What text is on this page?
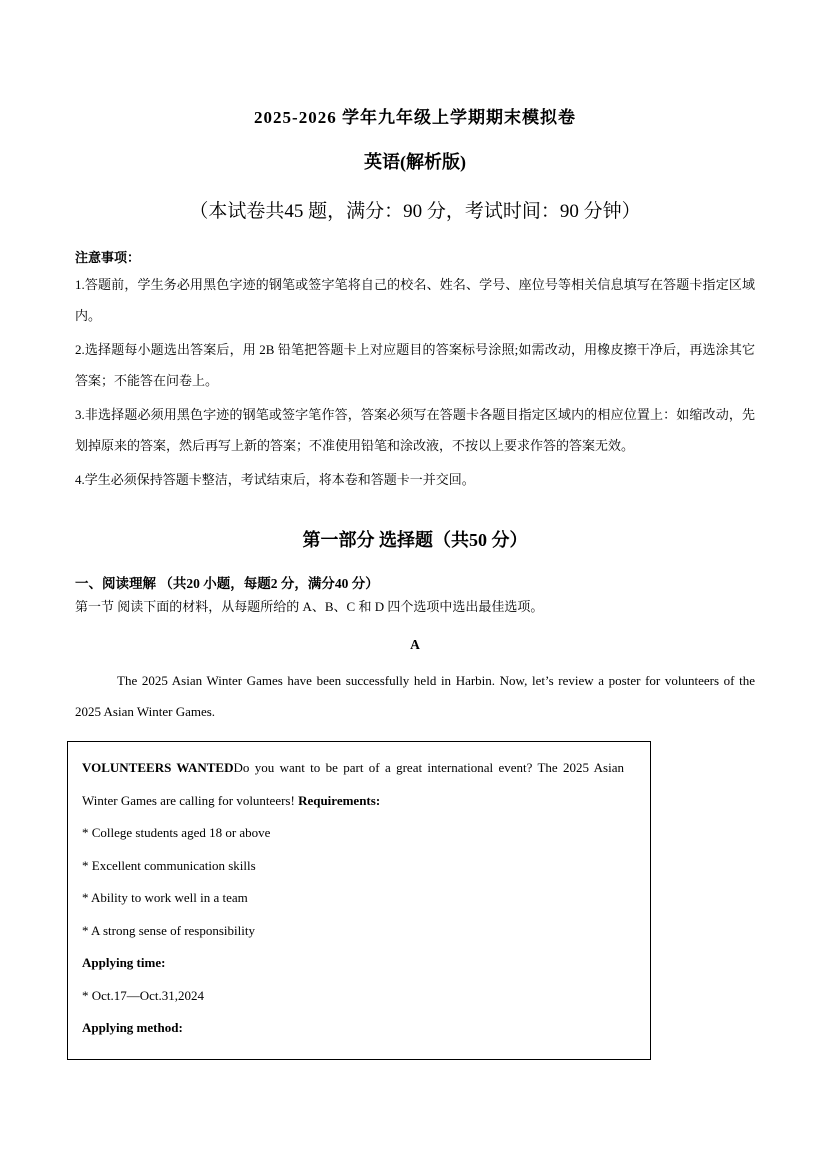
2025-2026 学年九年级上学期期末模拟卷
英语(解析版)

（本试卷共45 题，满分：90 分，考试时间：90 分钟）

注意事项：

1.答题前，学生务必用黑色字迹的钢笔或签字笔将自己的校名、姓名、学号、座位号等相关信息填写在答题卡指定区域内。

2.选择题每小题选出答案后，用 2B 铅笔把答题卡上对应题目的答案标号涂照;如需改动，用橡皮擦干净后，再选涂其它答案；不能答在问卷上。

3.非选择题必须用黑色字迹的钢笔或签字笔作答，答案必须写在答题卡各题目指定区域内的相应位置上：如缩改动，先划掉原来的答案，然后再写上新的答案；不准使用铅笔和涂改液，不按以上要求作答的答案无效。

4.学生必须保持答题卡整洁，考试结束后，将本卷和答题卡一并交回。

第一部分 选择题（共50 分）

一、阅读理解 （共20 小题，每题2 分，满分40 分）

第一节 阅读下面的材料，从每题所给的 A、B、C 和 D 四个选项中选出最佳选项。

A

The 2025 Asian Winter Games have been successfully held in Harbin. Now, let’s review a poster for volunteers of the 2025 Asian Winter Games.

VOLUNTEERS WANTEDDo you want to be part of a great international event? The 2025 Asian Winter Games are calling for volunteers! Requirements:

* College students aged 18 or above

* Excellent communication skills

* Ability to work well in a team

* A strong sense of responsibility

Applying time:

* Oct.17—Oct.31,2024

Applying method:
